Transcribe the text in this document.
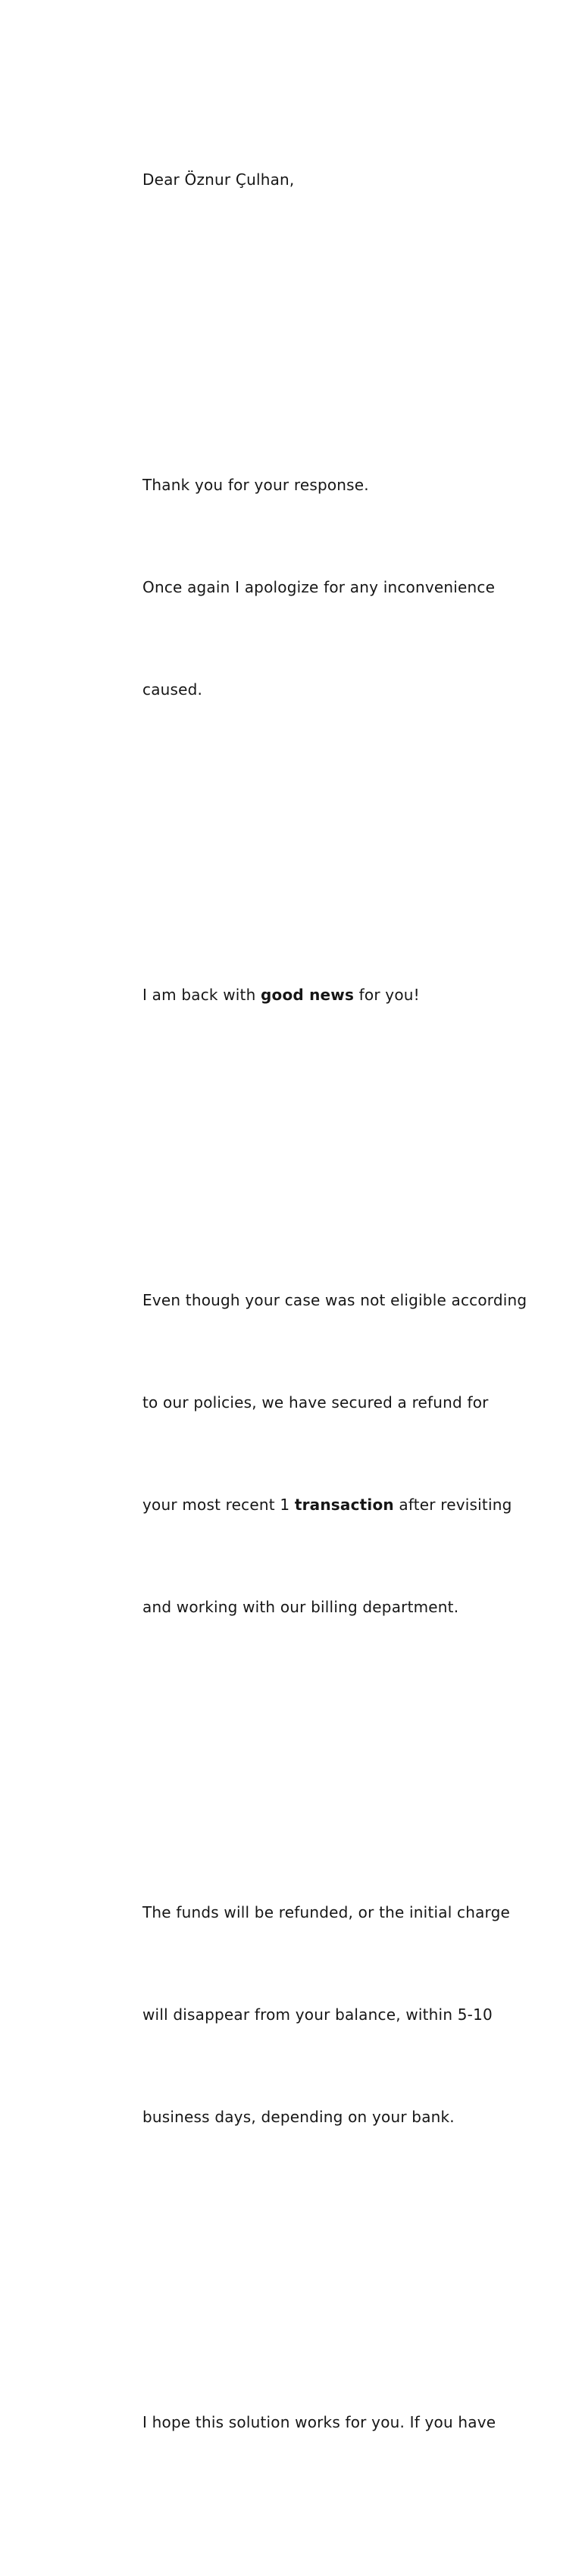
Dear Öznur Çulhan,

Thank you for your response.

Once again I apologize for any inconvenience

caused.

I am back with good news for you!

Even though your case was not eligible according

to our policies, we have secured a refund for

your most recent 1 transaction after revisiting

and working with our billing department.

The funds will be refunded, or the initial charge

will disappear from your balance, within 5-10

business days, depending on your bank.

I hope this solution works for you. If you have
